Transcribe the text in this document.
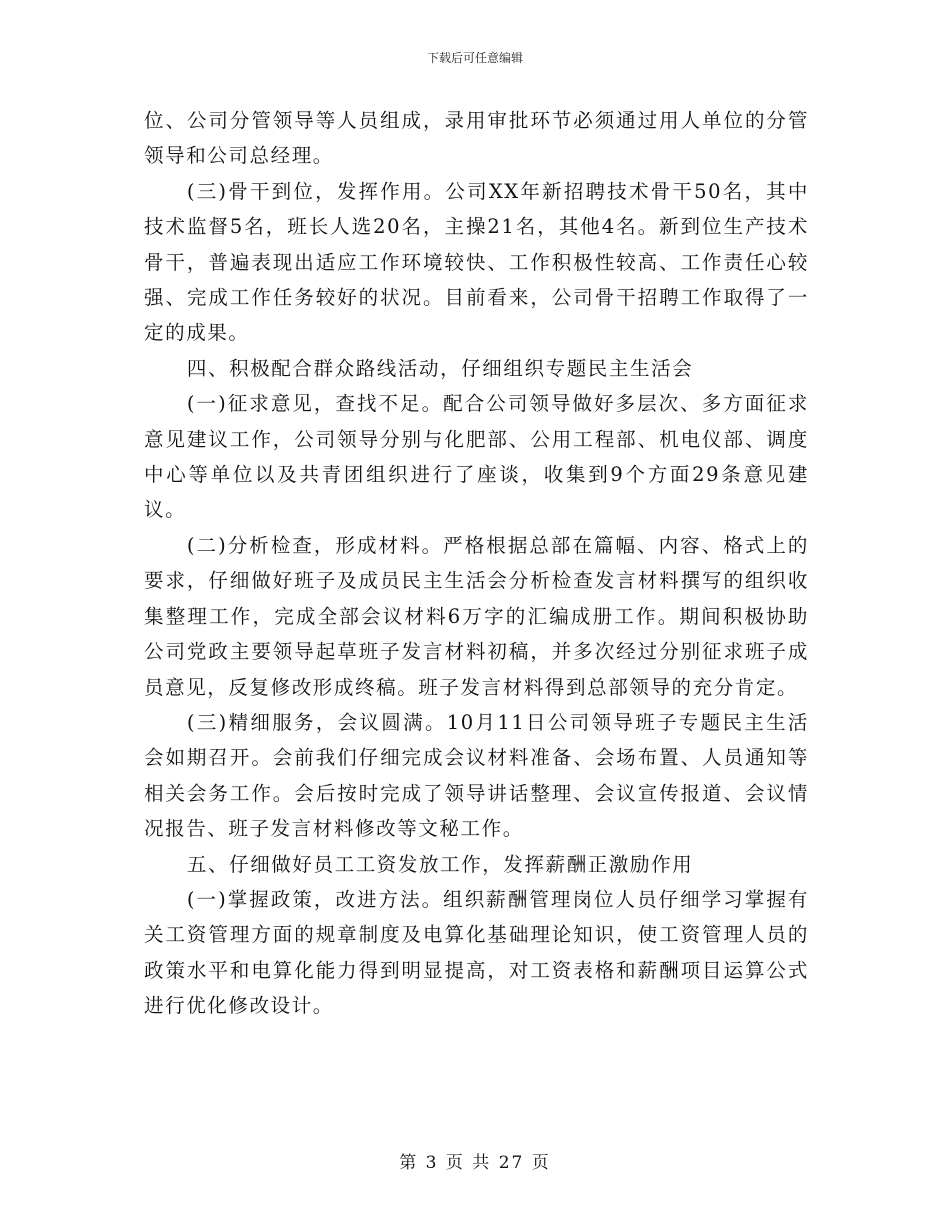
下载后可任意编辑

位、公司分管领导等人员组成，录用审批环节必须通过用人单位的分管领导和公司总经理。

(三)骨干到位，发挥作用。公司XX年新招聘技术骨干50名，其中技术监督5名，班长人选20名，主操21名，其他4名。新到位生产技术骨干，普遍表现出适应工作环境较快、工作积极性较高、工作责任心较强、完成工作任务较好的状况。目前看来，公司骨干招聘工作取得了一定的成果。

四、积极配合群众路线活动，仔细组织专题民主生活会

(一)征求意见，查找不足。配合公司领导做好多层次、多方面征求意见建议工作，公司领导分别与化肥部、公用工程部、机电仪部、调度中心等单位以及共青团组织进行了座谈，收集到9个方面29条意见建议。

(二)分析检查，形成材料。严格根据总部在篇幅、内容、格式上的要求，仔细做好班子及成员民主生活会分析检查发言材料撰写的组织收集整理工作，完成全部会议材料6万字的汇编成册工作。期间积极协助公司党政主要领导起草班子发言材料初稿，并多次经过分别征求班子成员意见，反复修改形成终稿。班子发言材料得到总部领导的充分肯定。

(三)精细服务，会议圆满。10月11日公司领导班子专题民主生活会如期召开。会前我们仔细完成会议材料准备、会场布置、人员通知等相关会务工作。会后按时完成了领导讲话整理、会议宣传报道、会议情况报告、班子发言材料修改等文秘工作。

五、仔细做好员工工资发放工作，发挥薪酬正激励作用

(一)掌握政策，改进方法。组织薪酬管理岗位人员仔细学习掌握有关工资管理方面的规章制度及电算化基础理论知识，使工资管理人员的政策水平和电算化能力得到明显提高，对工资表格和薪酬项目运算公式进行优化修改设计。

第 3 页 共 27 页
